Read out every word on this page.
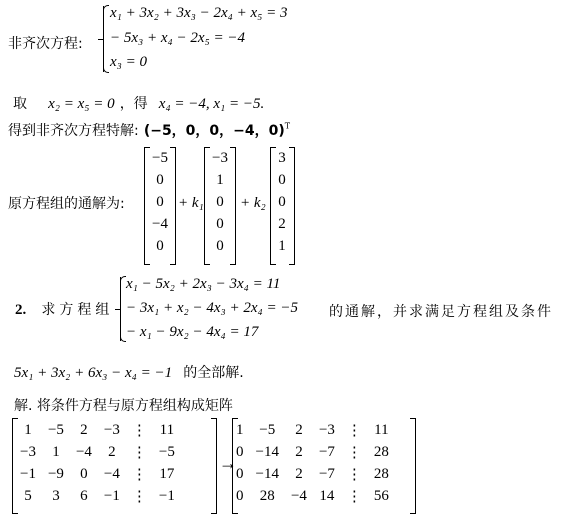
非齐次方程:
x₁ + 3x₂ + 3x₃ − 2x₄ + x₅ = 3
− 5x₃ + x₄ − 2x₅ = −4
x₃ = 0
取 x₂ = x₅ = 0 ，得 x₄ = −4, x₁ = −5.
得到非齐次方程特解: (−5，0，0，−4，0)$^T$
原方程组的通解为:
−5
0
0
−4
0
+ k₁
−3
1
0
0
0
+ k₂
3
0
0
2
1
2. 求方程组
x₁ − 5x₂ + 2x₃ − 3x₄ = 11
− 3x₁ + x₂ − 4x₃ + 2x₄ = −5
− x₁ − 9x₂ − 4x₄ = 17
的通解，并求满足方程组及条件
5x₁ + 3x₂ + 6x₃ − x₄ = −1 的全部解.
解. 将条件方程与原方程组构成矩阵
1	−5	2	−3	⋮	11
−3	1	−4	2	⋮	−5
−1	−9	0	−4	⋮	17
5	3	6	−1	⋮	−1
→
1	−5	2	−3	⋮	11
0	−14	2	−7	⋮	28
0	−14	2	−7	⋮	28
0	28	−4	14	⋮	56
